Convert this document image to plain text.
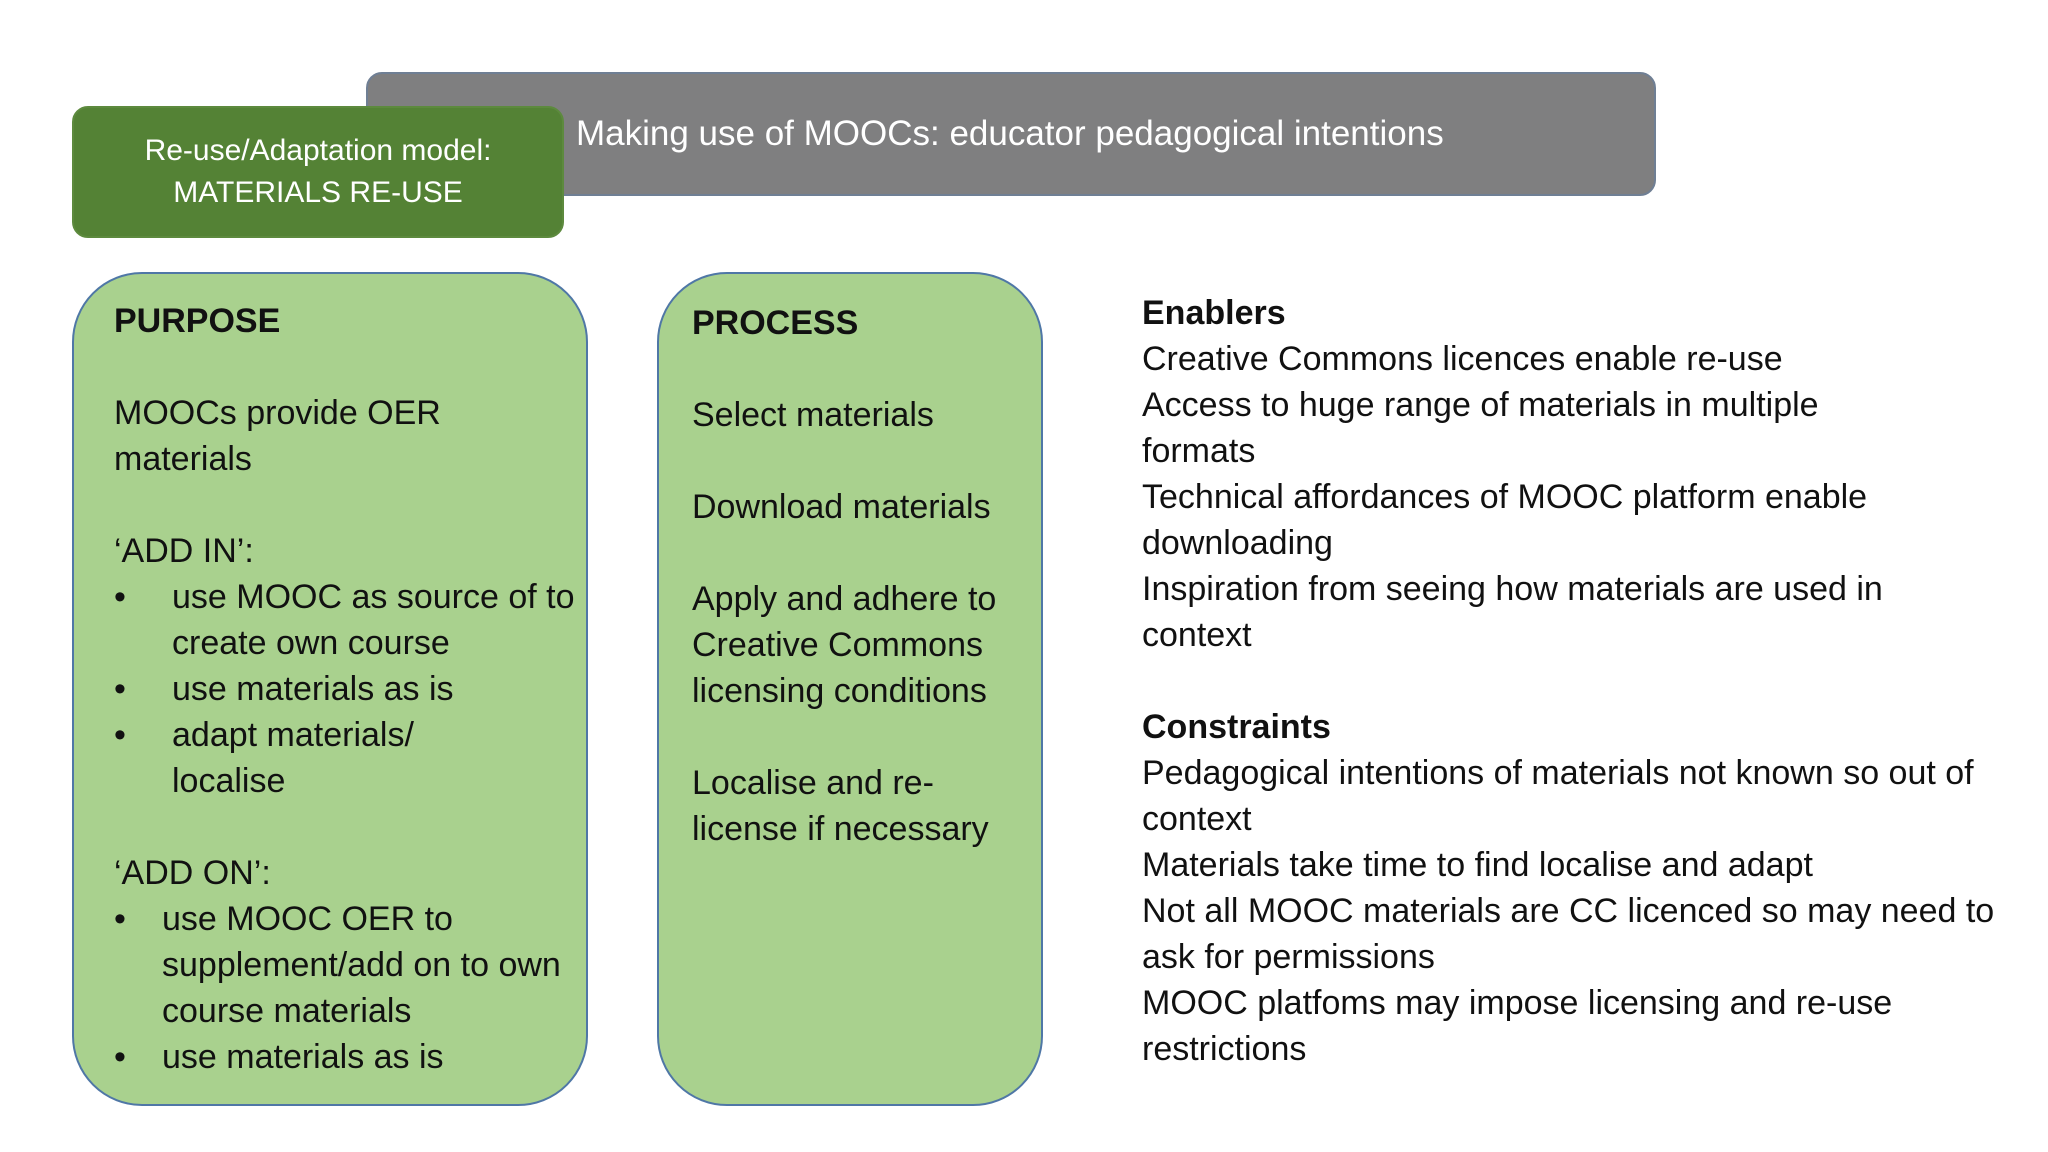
Making use of MOOCs: educator pedagogical intentions
Re-use/Adaptation model:
MATERIALS RE-USE
PURPOSE
MOOCs provide OER materials
‘ADD IN’:
• use MOOC as source of to create own course
• use materials as is
• adapt materials/ localise
‘ADD ON’:
• use MOOC OER to supplement/add on to own course materials
• use materials as is
PROCESS
Select materials
Download materials
Apply and adhere to Creative Commons licensing conditions
Localise and re-license if necessary

Enablers

Creative Commons licences enable re-use

Access to huge range of materials in multiple formats

Technical affordances of MOOC platform enable downloading

Inspiration from seeing how materials are used in context

Constraints

Pedagogical intentions of materials not known so out of context

Materials take time to find localise and adapt

Not all MOOC materials are CC licenced so may need to ask for permissions

MOOC platfoms may impose licensing and re-use restrictions
